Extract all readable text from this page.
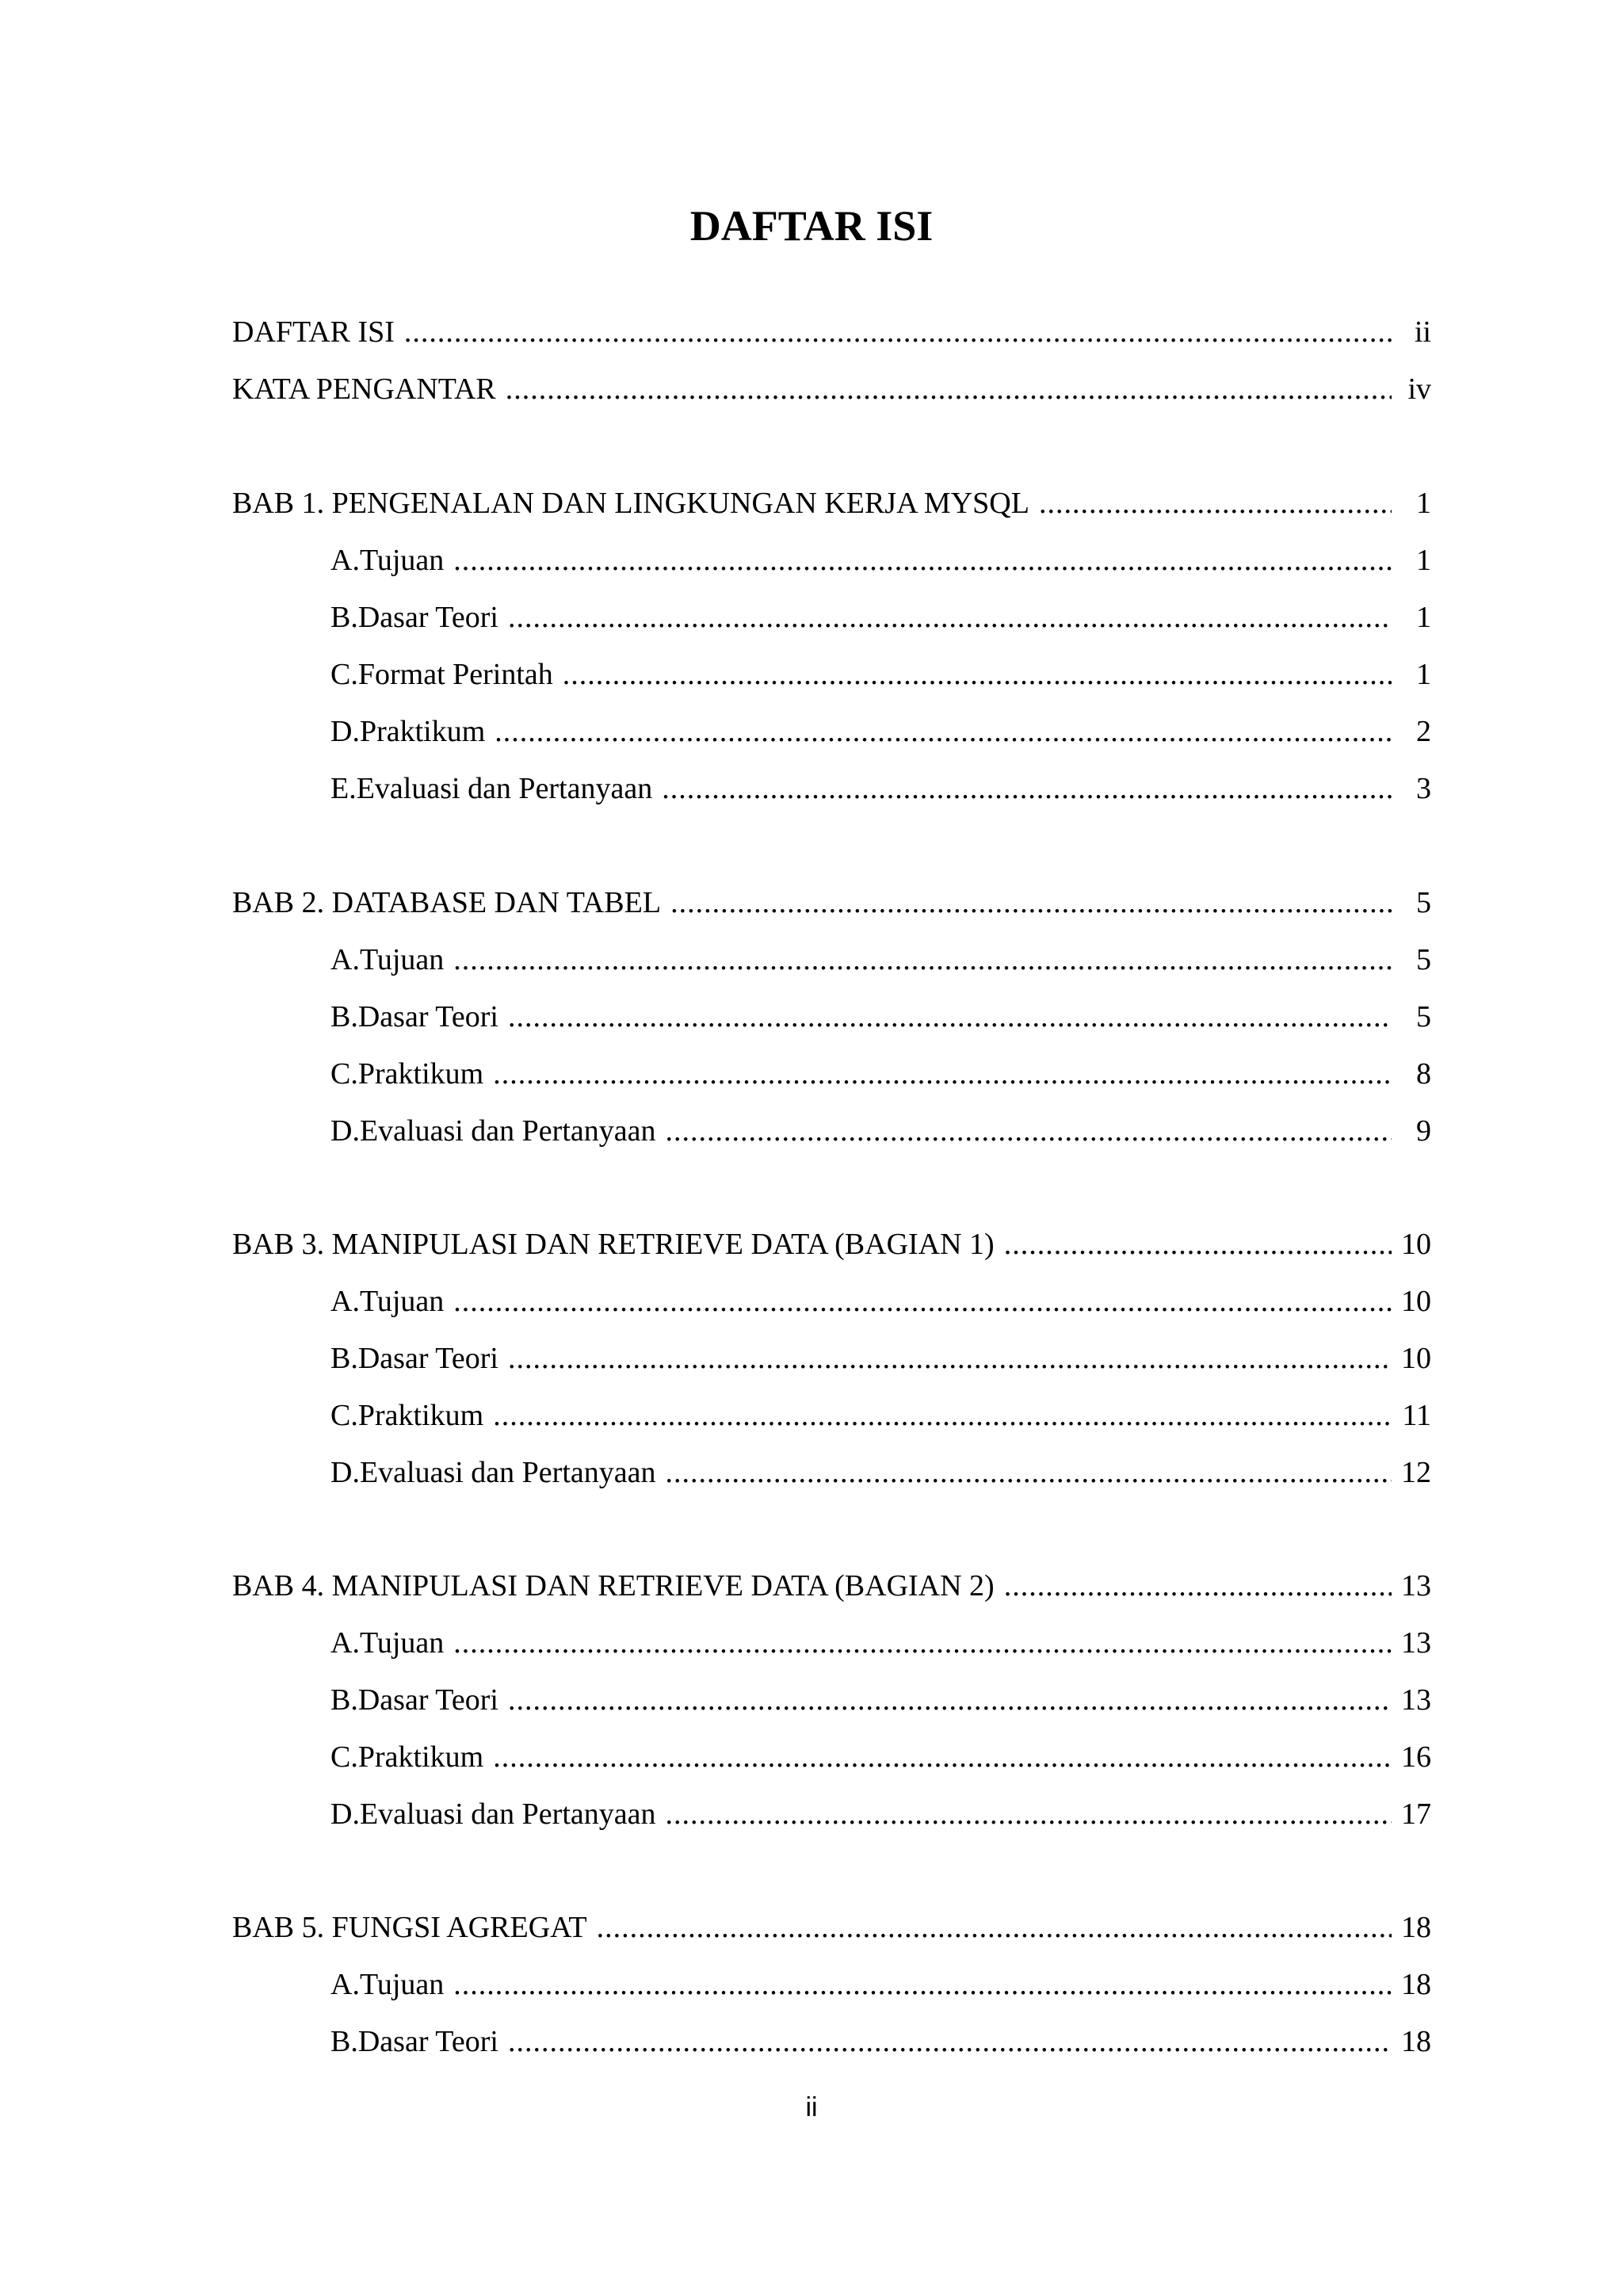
DAFTAR ISI
DAFTAR ISI .....	ii
KATA PENGANTAR .....	iv
BAB 1. PENGENALAN DAN LINGKUNGAN KERJA MYSQL .....	1
A. Tujuan .....	1
B. Dasar Teori .....	1
C. Format Perintah .....	1
D. Praktikum .....	2
E. Evaluasi dan Pertanyaan .....	3
BAB 2. DATABASE DAN TABEL .....	5
A. Tujuan .....	5
B. Dasar Teori .....	5
C. Praktikum .....	8
D. Evaluasi dan Pertanyaan .....	9
BAB 3. MANIPULASI DAN RETRIEVE DATA (BAGIAN 1) .....	10
A. Tujuan .....	10
B. Dasar Teori .....	10
C. Praktikum .....	11
D. Evaluasi dan Pertanyaan .....	12
BAB 4. MANIPULASI DAN RETRIEVE DATA (BAGIAN 2) .....	13
A. Tujuan .....	13
B. Dasar Teori .....	13
C. Praktikum .....	16
D. Evaluasi dan Pertanyaan .....	17
BAB 5. FUNGSI AGREGAT .....	18
A. Tujuan .....	18
B. Dasar Teori .....	18
ii
